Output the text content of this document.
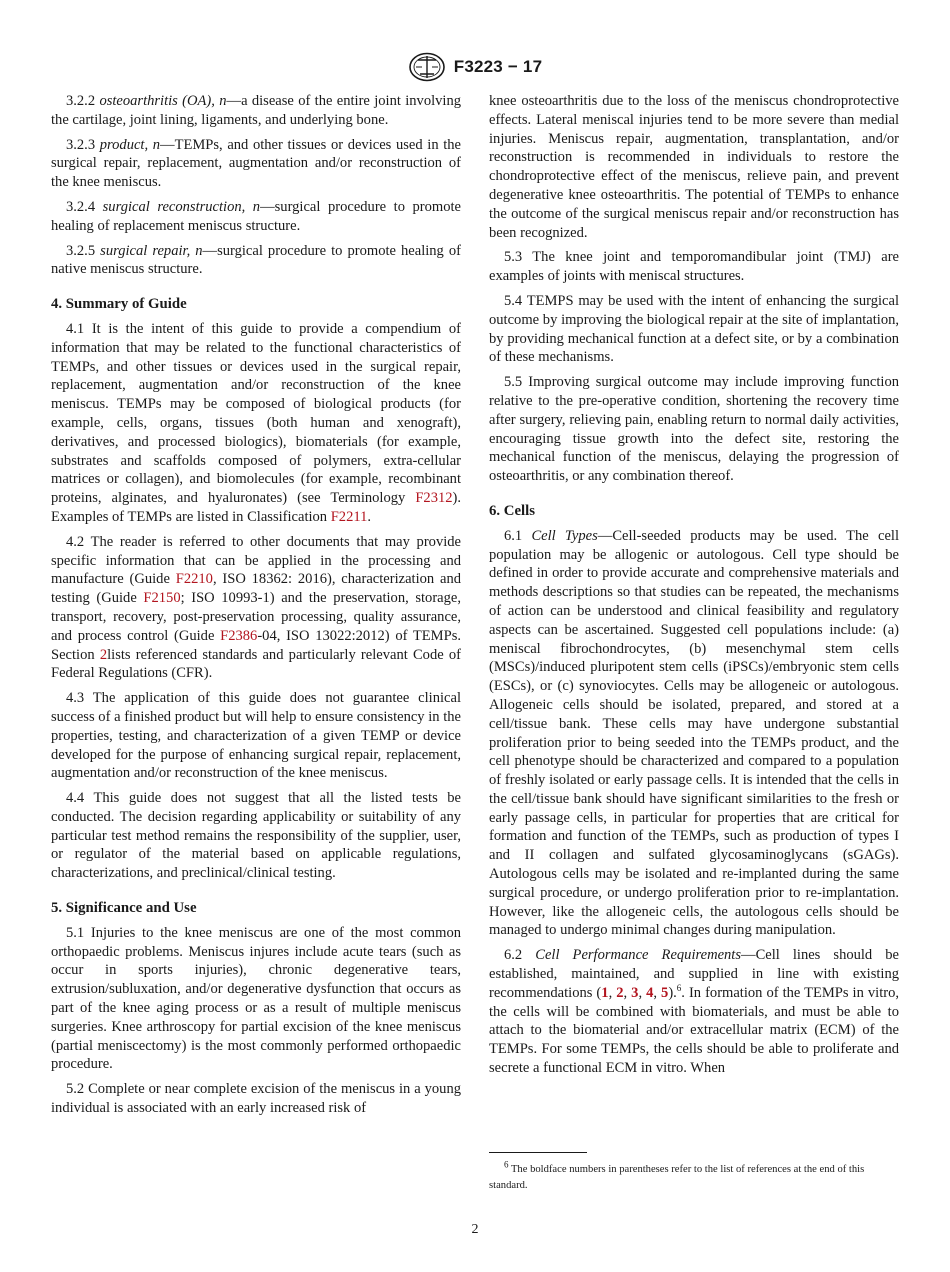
F3223 − 17

3.2.2 osteoarthritis (OA), n—a disease of the entire joint involving the cartilage, joint lining, ligaments, and underlying bone.

3.2.3 product, n—TEMPs, and other tissues or devices used in the surgical repair, replacement, augmentation and/or reconstruction of the knee meniscus.

3.2.4 surgical reconstruction, n—surgical procedure to promote healing of replacement meniscus structure.

3.2.5 surgical repair, n—surgical procedure to promote healing of native meniscus structure.

4. Summary of Guide

4.1 It is the intent of this guide to provide a compendium of information that may be related to the functional characteristics of TEMPs, and other tissues or devices used in the surgical repair, replacement, augmentation and/or reconstruction of the knee meniscus. TEMPs may be composed of biological products (for example, cells, organs, tissues (both human and xenograft), derivatives, and processed biologics), biomaterials (for example, substrates and scaffolds composed of polymers, extra-cellular matrices or collagen), and biomolecules (for example, recombinant proteins, alginates, and hyaluronates) (see Terminology F2312). Examples of TEMPs are listed in Classification F2211.

4.2 The reader is referred to other documents that may provide specific information that can be applied in the processing and manufacture (Guide F2210, ISO 18362: 2016), characterization and testing (Guide F2150; ISO 10993-1) and the preservation, storage, transport, recovery, post-preservation processing, quality assurance, and process control (Guide F2386-04, ISO 13022:2012) of TEMPs. Section 2lists referenced standards and particularly relevant Code of Federal Regulations (CFR).

4.3 The application of this guide does not guarantee clinical success of a finished product but will help to ensure consistency in the properties, testing, and characterization of a given TEMP or device developed for the purpose of enhancing surgical repair, replacement, augmentation and/or reconstruction of the knee meniscus.

4.4 This guide does not suggest that all the listed tests be conducted. The decision regarding applicability or suitability of any particular test method remains the responsibility of the supplier, user, or regulator of the material based on applicable regulations, characterizations, and preclinical/clinical testing.

5. Significance and Use

5.1 Injuries to the knee meniscus are one of the most common orthopaedic problems. Meniscus injures include acute tears (such as occur in sports injuries), chronic degenerative tears, extrusion/subluxation, and/or degenerative dysfunction that occurs as part of the knee aging process or as a result of multiple meniscus surgeries. Knee arthroscopy for partial excision of the knee meniscus (partial meniscectomy) is the most commonly performed orthopaedic procedure.

5.2 Complete or near complete excision of the meniscus in a young individual is associated with an early increased risk of

knee osteoarthritis due to the loss of the meniscus chondroprotective effects. Lateral meniscal injuries tend to be more severe than medial injuries. Meniscus repair, augmentation, transplantation, and/or reconstruction is recommended in individuals to restore the chondroprotective effect of the meniscus, relieve pain, and prevent degenerative knee osteoarthritis. The potential of TEMPs to enhance the outcome of the surgical meniscus repair and/or reconstruction has been recognized.

5.3 The knee joint and temporomandibular joint (TMJ) are examples of joints with meniscal structures.

5.4 TEMPS may be used with the intent of enhancing the surgical outcome by improving the biological repair at the site of implantation, by providing mechanical function at a defect site, or by a combination of these mechanisms.

5.5 Improving surgical outcome may include improving function relative to the pre-operative condition, shortening the recovery time after surgery, relieving pain, enabling return to normal daily activities, encouraging tissue growth into the defect site, restoring the mechanical function of the meniscus, delaying the progression of osteoarthritis, or any combination thereof.

6. Cells

6.1 Cell Types—Cell-seeded products may be used. The cell population may be allogenic or autologous. Cell type should be defined in order to provide accurate and comprehensive materials and methods descriptions so that studies can be repeated, the mechanisms of action can be understood and clinical feasibility and regulatory aspects can be ascertained. Suggested cell populations include: (a) meniscal fibrochondrocytes, (b) mesenchymal stem cells (MSCs)/induced pluripotent stem cells (iPSCs)/embryonic stem cells (ESCs), or (c) synoviocytes. Cells may be allogeneic or autologous. Allogeneic cells should be isolated, prepared, and stored at a cell/tissue bank. These cells may have undergone substantial proliferation prior to being seeded into the TEMPs product, and the cell phenotype should be characterized and compared to a population of freshly isolated or early passage cells. It is intended that the cells in the cell/tissue bank should have significant similarities to the fresh or early passage cells, in particular for properties that are critical for formation and function of the TEMPs, such as production of types I and II collagen and sulfated glycosaminoglycans (sGAGs). Autologous cells may be isolated and re-implanted during the same surgical procedure, or undergo proliferation prior to re-implantation. However, like the allogeneic cells, the autologous cells should be managed to undergo minimal changes during manipulation.

6.2 Cell Performance Requirements—Cell lines should be established, maintained, and supplied in line with existing recommendations (1, 2, 3, 4, 5).$^6$. In formation of the TEMPs in vitro, the cells will be combined with biomaterials, and must be able to attach to the biomaterial and/or extracellular matrix (ECM) of the TEMPs. For some TEMPs, the cells should be able to proliferate and secrete a functional ECM in vitro. When

$^6$ The boldface numbers in parentheses refer to the list of references at the end of this standard.
2
